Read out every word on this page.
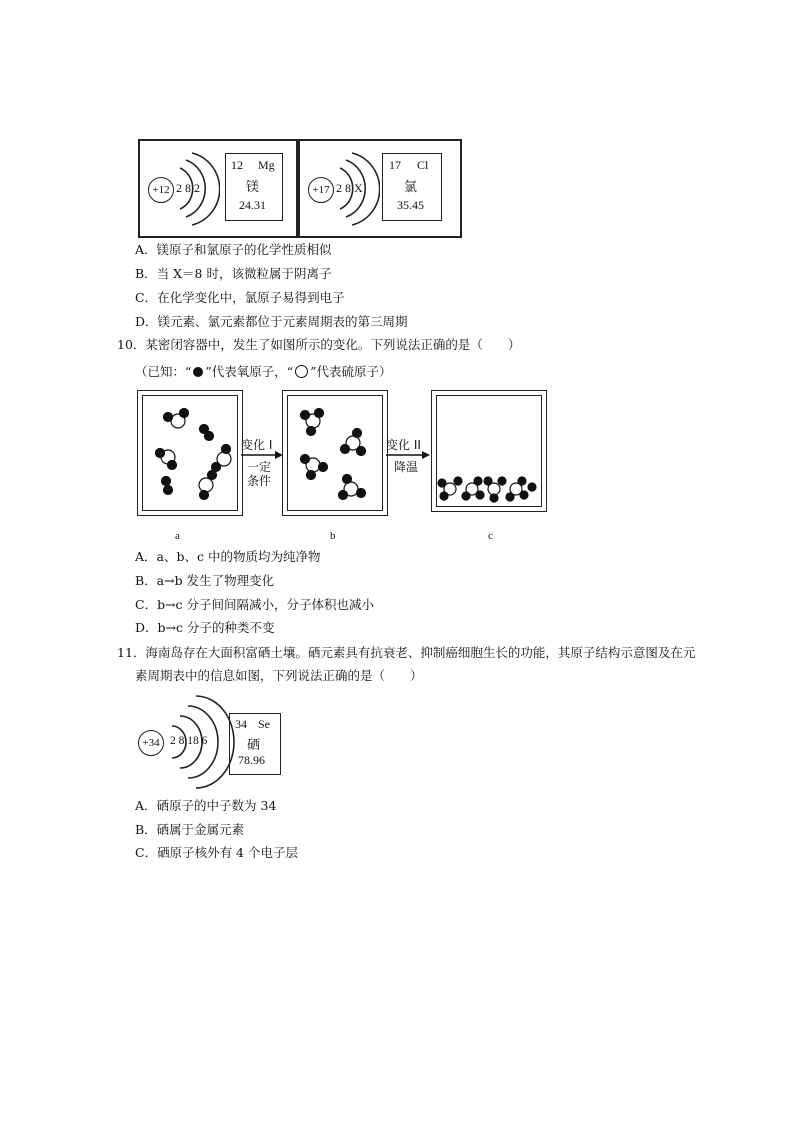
+12 2 8 2
12 Mg
镁
24.31
+17 2 8 X
17 Cl
氯
35.45
A．镁原子和氯原子的化学性质相似
B．当 X＝8 时，该微粒属于阴离子
C．在化学变化中，氯原子易得到电子
D．镁元素、氯元素都位于元素周期表的第三周期
10．某密闭容器中，发生了如图所示的变化。下列说法正确的是（　　）
（已知：“ ”代表氧原子，“ ”代表硫原子）
变化 I
一定
条件
变化 II
降温
a	b	c
A．a、b、c 中的物质均为纯净物
B．a→b 发生了物理变化
C．b→c 分子间间隔减小，分子体积也减小
D．b→c 分子的种类不变
11．海南岛存在大面积富硒土壤。硒元素具有抗衰老、抑制癌细胞生长的功能，其原子结构示意图及在元
素周期表中的信息如图，下列说法正确的是（　　）
+34 2 8 18 6
34 Se
硒
78.96
A．硒原子的中子数为 34
B．硒属于金属元素
C．硒原子核外有 4 个电子层
